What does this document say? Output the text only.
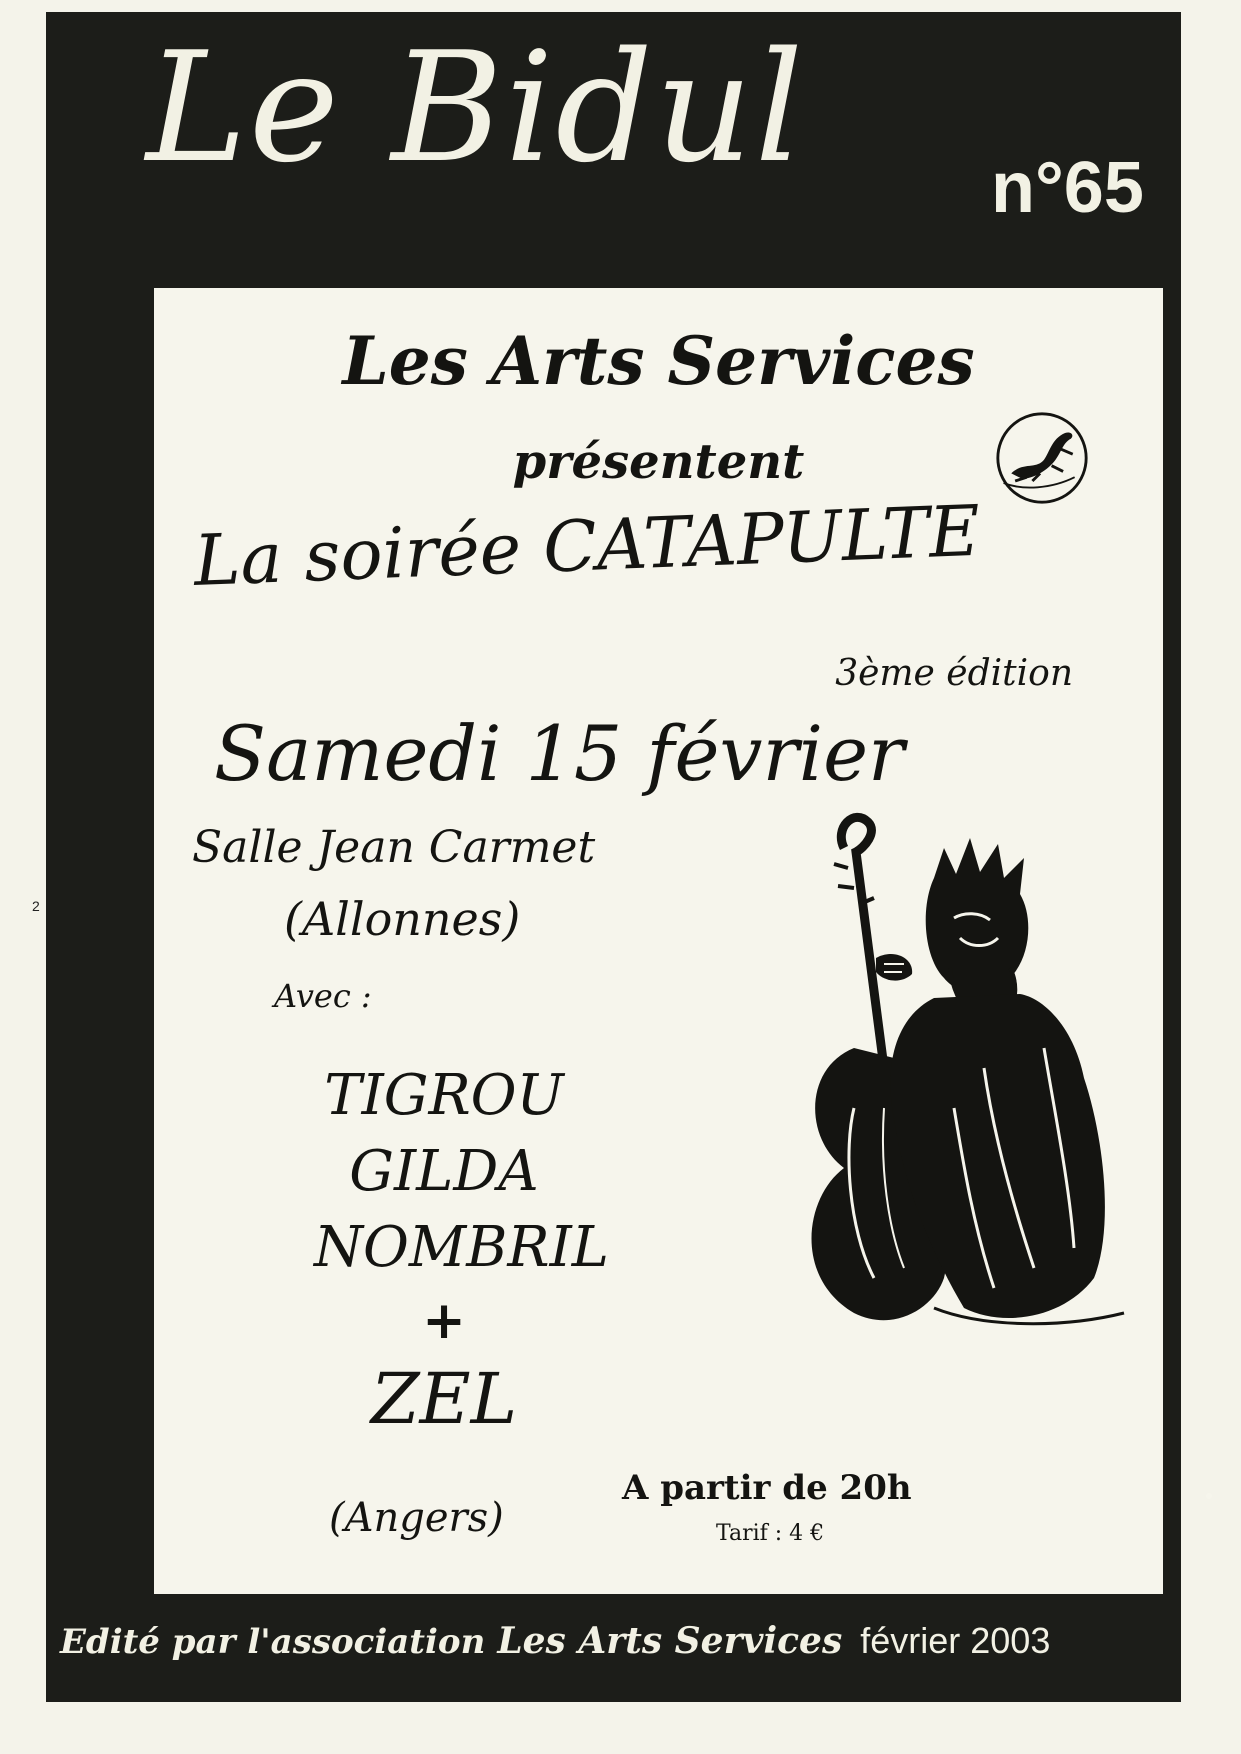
2
Le Bidul	n°65
Les Arts Services
présentent
La soirée CATAPULTE
3ème édition
Samedi 15 février
Salle Jean Carmet
(Allonnes)
Avec :
TIGROU
GILDA
NOMBRIL
+
ZEL
(Angers)
A partir de 20h
Tarif : 4 €
Edité par l'association Les Arts Services février 2003
